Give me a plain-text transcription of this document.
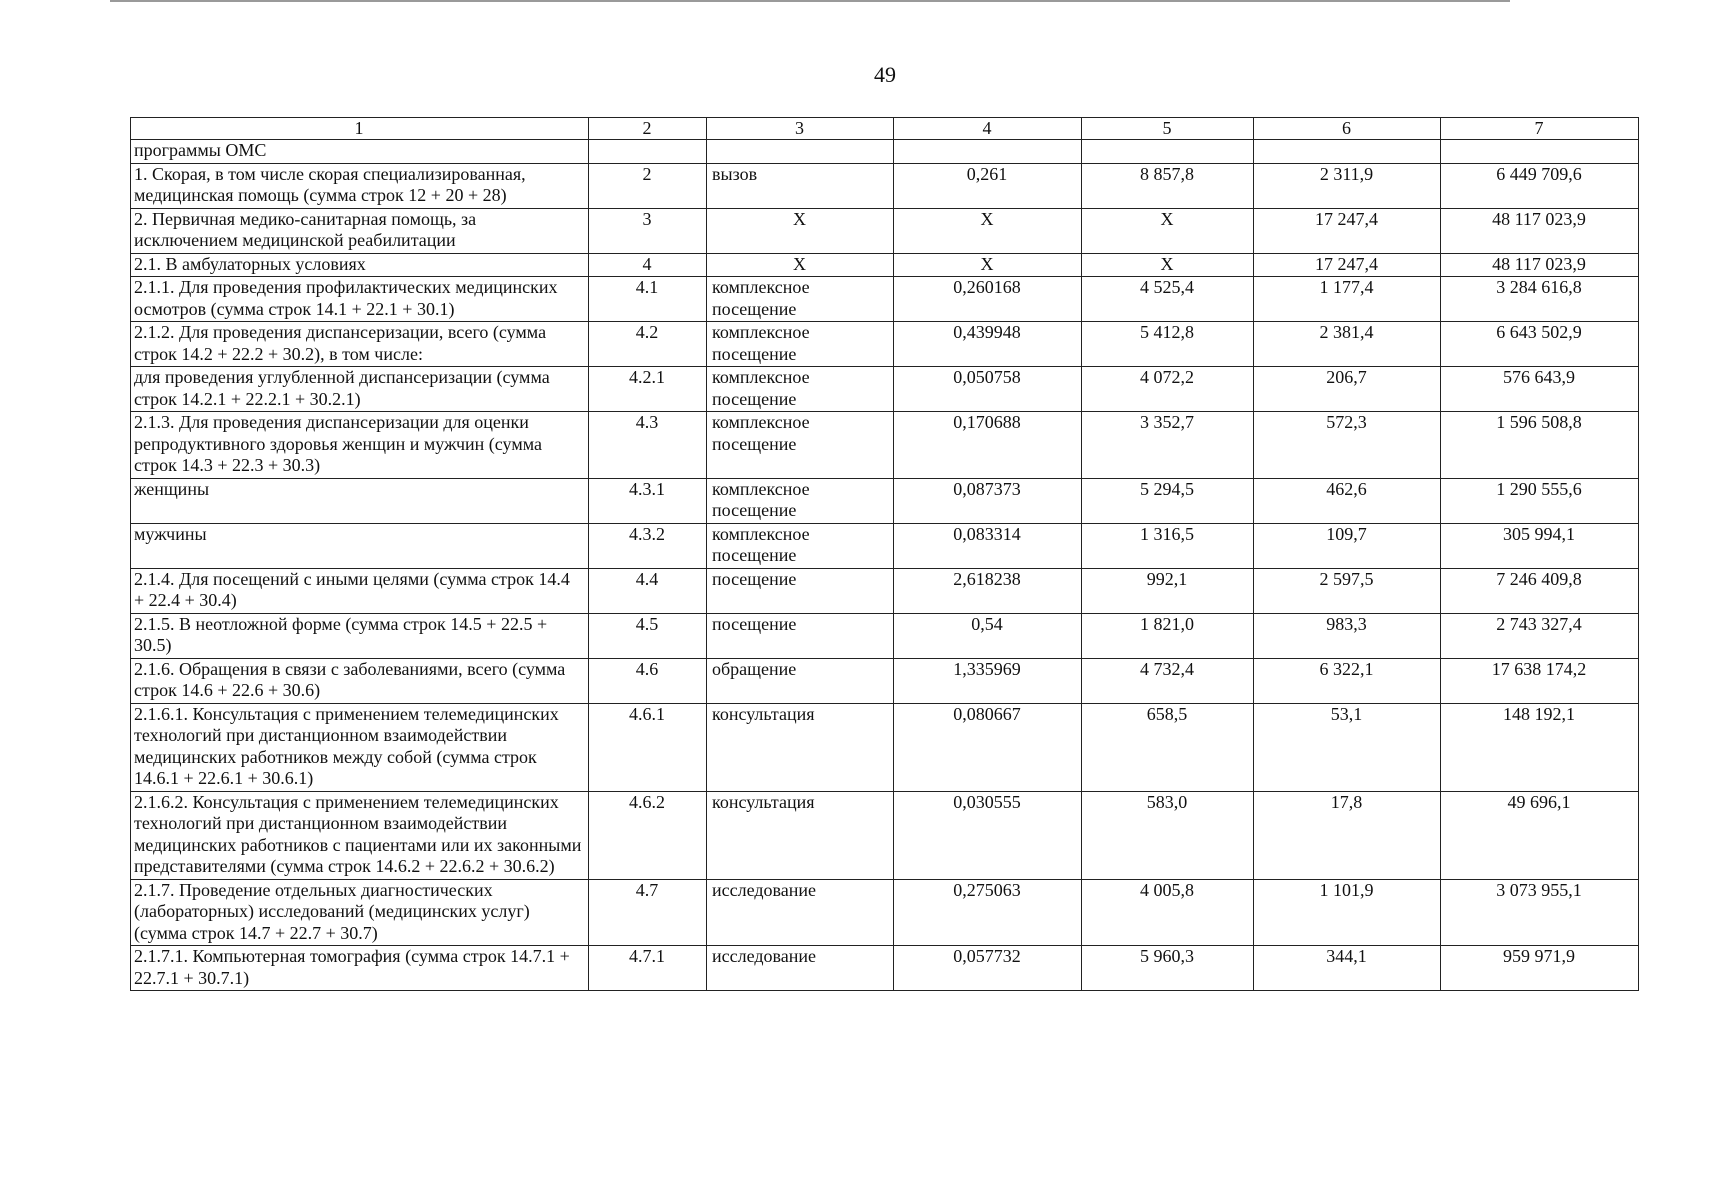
49
1	2	3	4	5	6	7
программы ОМС						
1. Скорая, в том числе скорая специализированная, медицинская помощь (сумма строк 12 + 20 + 28)	2	вызов	0,261	8 857,8	2 311,9	6 449 709,6
2. Первичная медико-санитарная помощь, за исключением медицинской реабилитации	3	Х	Х	Х	17 247,4	48 117 023,9
2.1. В амбулаторных условиях	4	Х	Х	Х	17 247,4	48 117 023,9
2.1.1. Для проведения профилактических медицинских осмотров (сумма строк 14.1 + 22.1 + 30.1)	4.1	комплексное посещение	0,260168	4 525,4	1 177,4	3 284 616,8
2.1.2. Для проведения диспансеризации, всего (сумма строк 14.2 + 22.2 + 30.2), в том числе:	4.2	комплексное посещение	0,439948	5 412,8	2 381,4	6 643 502,9
для проведения углубленной диспансеризации (сумма строк 14.2.1 + 22.2.1 + 30.2.1)	4.2.1	комплексное посещение	0,050758	4 072,2	206,7	576 643,9
2.1.3. Для проведения диспансеризации для оценки репродуктивного здоровья женщин и мужчин (сумма строк 14.3 + 22.3 + 30.3)	4.3	комплексное посещение	0,170688	3 352,7	572,3	1 596 508,8
женщины	4.3.1	комплексное посещение	0,087373	5 294,5	462,6	1 290 555,6
мужчины	4.3.2	комплексное посещение	0,083314	1 316,5	109,7	305 994,1
2.1.4. Для посещений с иными целями (сумма строк 14.4 + 22.4 + 30.4)	4.4	посещение	2,618238	992,1	2 597,5	7 246 409,8
2.1.5. В неотложной форме (сумма строк 14.5 + 22.5 + 30.5)	4.5	посещение	0,54	1 821,0	983,3	2 743 327,4
2.1.6. Обращения в связи с заболеваниями, всего (сумма строк 14.6 + 22.6 + 30.6)	4.6	обращение	1,335969	4 732,4	6 322,1	17 638 174,2
2.1.6.1. Консультация с применением телемедицинских технологий при дистанционном взаимодействии медицинских работников между собой (сумма строк 14.6.1 + 22.6.1 + 30.6.1)	4.6.1	консультация	0,080667	658,5	53,1	148 192,1
2.1.6.2. Консультация с применением телемедицинских технологий при дистанционном взаимодействии медицинских работников с пациентами или их законными представителями (сумма строк 14.6.2 + 22.6.2 + 30.6.2)	4.6.2	консультация	0,030555	583,0	17,8	49 696,1
2.1.7. Проведение отдельных диагностических (лабораторных) исследований (медицинских услуг) (сумма строк 14.7 + 22.7 + 30.7)	4.7	исследование	0,275063	4 005,8	1 101,9	3 073 955,1
2.1.7.1. Компьютерная томография (сумма строк 14.7.1 + 22.7.1 + 30.7.1)	4.7.1	исследование	0,057732	5 960,3	344,1	959 971,9
